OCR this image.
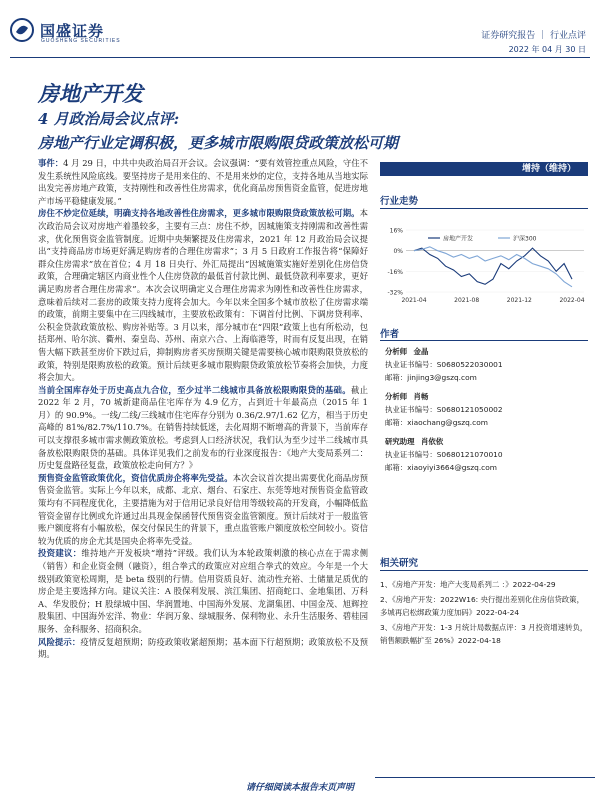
国盛证券
GUOSHENG SECURITIES	证券研究报告 ｜ 行业点评
2022 年 04 月 30 日
房地产开发
4 月政治局会议点评:
房地产行业定调积极，更多城市限购限贷政策放松可期

事件：4 月 29 日，中共中央政治局召开会议。会议强调：“要有效管控重点风险，守住不发生系统性风险底线。要坚持房子是用来住的、不是用来炒的定位，支持各地从当地实际出发完善房地产政策，支持刚性和改善性住房需求，优化商品房预售资金监管，促进房地产市场平稳健康发展。”

房住不炒定位延续，明确支持各地改善性住房需求，更多城市限购限贷政策放松可期。本次政治局会议对房地产着墨较多，主要有三点：房住不炒，因城施策支持刚需和改善性需求，优化预售资金监管制度。近期中央频繁提及住房需求，2021 年 12 月政治局会议提出“支持商品房市场更好满足购房者的合理住房需求”；3 月 5 日政府工作报告将“保障好群众住房需求”放在首位；4 月 18 日央行、外汇局提出“因城施策实施好差别化住房信贷政策，合理确定辖区内商业性个人住房贷款的最低首付款比例、最低贷款利率要求，更好满足购房者合理住房需求”。本次会议明确定义合理住房需求为刚性和改善性住房需求，意味着后续对二套房的政策支持力度将会加大。今年以来全国多个城市放松了住房需求端的政策，前期主要集中在三四线城市，主要放松政策有：下调首付比例、下调房贷利率、公积金贷款政策放松、购房补贴等。3 月以来，部分城市在“四限”政策上也有所松动，包括郑州、哈尔滨、衢州、秦皇岛、苏州、南京六合、上海临港等，时而有反复出现，在销售大幅下跌甚至房价下跌过后，抑制购房者买房预期关键是需要核心城市限购限贷放松的政策，特别是限购放松的政策。预计后续更多城市限购限贷政策放松节奏将会加快，力度将会加大。

当前全国库存处于历史高点九合位，至少过半二线城市具备放松限购限贷的基础。截止 2022 年 2 月，70 城新建商品住宅库存为 4.9 亿方，占到近十年最高点（2015 年 1 月）的 90.9%。一线/二线/三线城市住宅库存分别为 0.36/2.97/1.62 亿方，相当于历史高峰的 81%/82.7%/110.7%。在销售持续低迷，去化周期不断增高的背景下，当前库存可以支撑很多城市需求侧政策放松。考虑到人口经济状况，我们认为至少过半二线城市具备放松限购限贷的基础。具体详见我们之前发布的行业深度报告：《地产大变局系列二：历史复盘路径复盘，政策放松走向何方？》

预售资金监管政策优化，资信优质房企将率先受益。本次会议首次提出需要优化商品房预售资金监管。实际上今年以来，成都、北京、烟台、石家庄、东莞等地对预售资金监管政策均有不同程度优化，主要措施为对于信用记录良好信用等级较高的开发商，小幅降低监管资金留存比例或允许通过出具现金保函替代预售资金监管额度。预计后续对于一般监管账户额度将有小幅放松，保交付保民生的背景下，重点监管账户额度放松空间较小。资信较为优质的房企尤其是国央企将率先受益。

投资建议：维持地产开发板块“增持”评级。我们认为本轮政策刺激的核心点在于需求侧（销售）和企业资金侧（融资），组合拳式的政策应对应组合拳式的效应。今年是一个大级别政策宽松周期，是 beta 级别的行情。信用资质良好、流动性充裕、土储量足质优的房企是主要选择方向。建议关注：A 股保利发展、滨江集团、招商蛇口、金地集团、万科 A、华发股份；H 股绿城中国、华润置地、中国海外发展、龙湖集团、中国金茂、旭辉控股集团、中国海外宏洋、物业：华润万象、绿城服务、保利物业、永升生活服务、碧桂园服务、金科服务、招商积余。

风险提示：疫情反复超预期；防疫政策收紧超预期；基本面下行超预期；政策放松不及预期。

增持（维持）
行业走势
16%
0%
-16%
-32%
2021-04	2021-08	2021-12	2022-04
房地产开发	沪深300
作者
分析师 金晶
执业证书编号：S0680522030001
邮箱：jinjing3@gszq.com
分析师 肖畅
执业证书编号：S0680121050002
邮箱：xiaochang@gszq.com
研究助理 肖依依
执业证书编号：S0680121070010
邮箱：xiaoyiyi3664@gszq.com
相关研究
1、《房地产开发：地产大变局系列二 ：》2022-04-29
2、《房地产开发：2022W16: 央行提出差别化住房信贷政策，多城再启松绑政策力度加码》2022-04-24
3、《房地产开发：1-3 月统计局数据点评：3 月投资增速转负，销售额跌幅扩至 26%》2022-04-18
请仔细阅读本报告末页声明
